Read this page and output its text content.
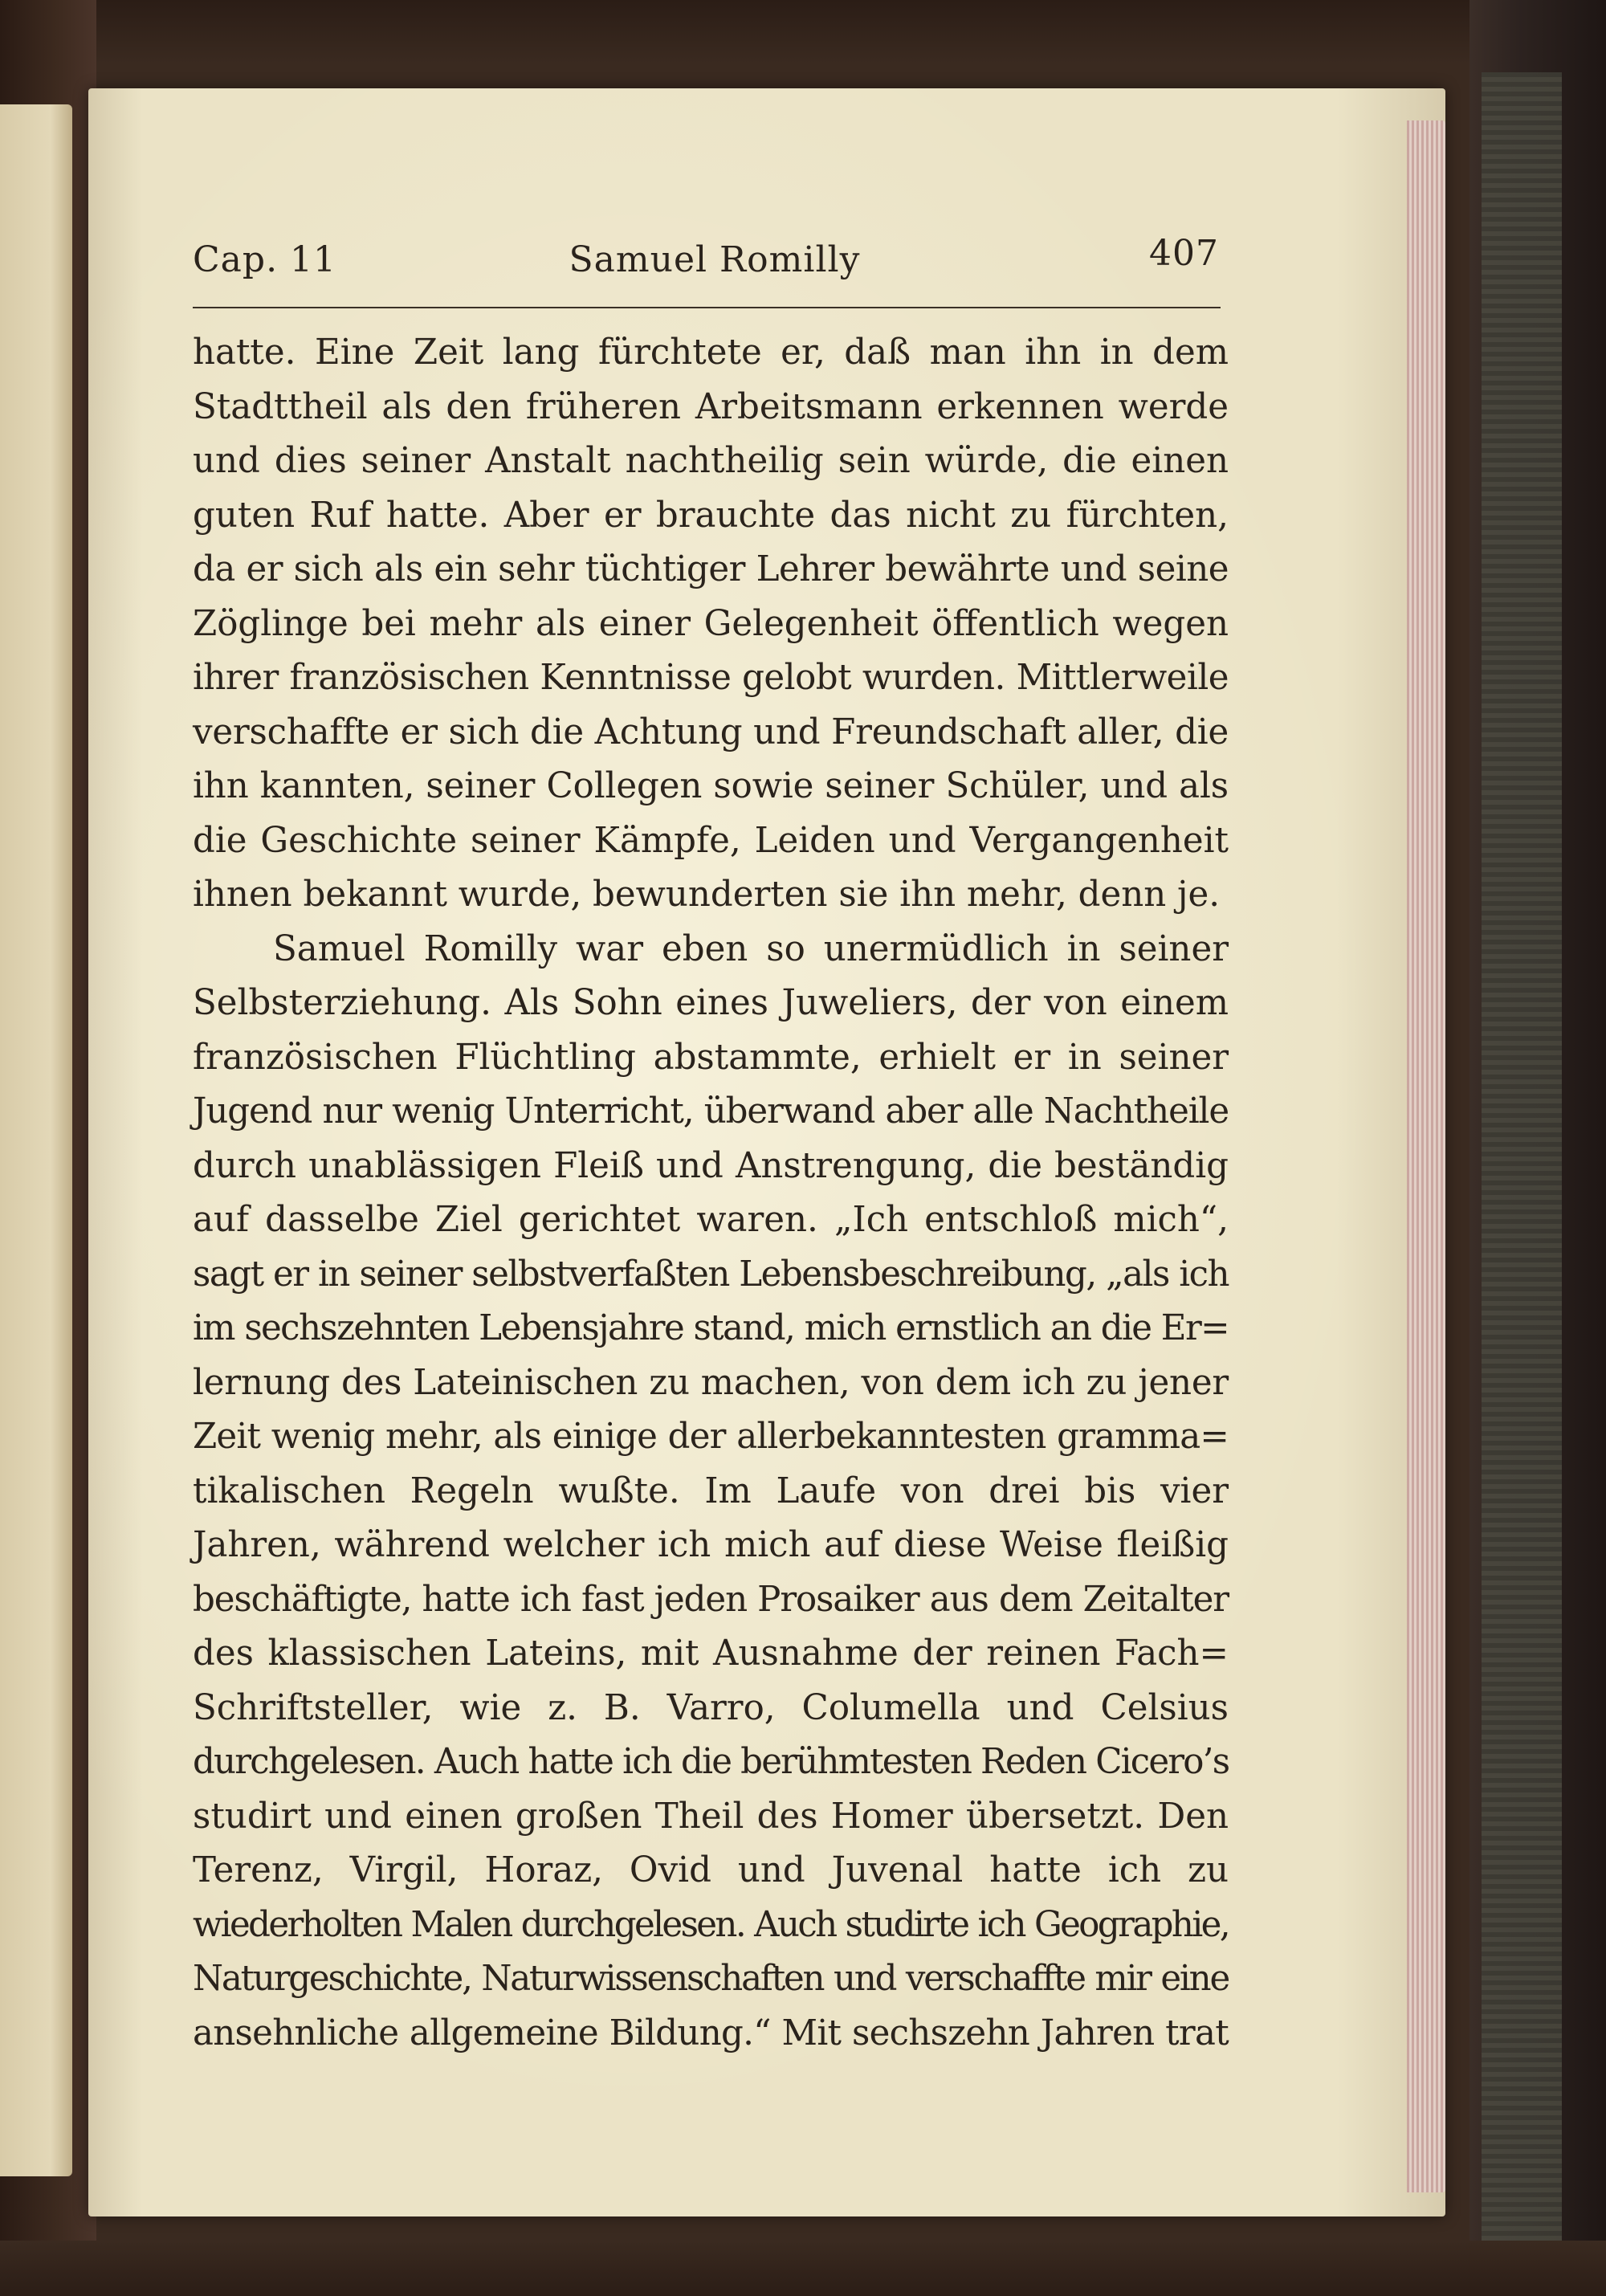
Cap. 11	Samuel Romilly	407
hatte. Eine Zeit lang fürchtete er, daß man ihn in dem
Stadttheil als den früheren Arbeitsmann erkennen werde
und dies seiner Anstalt nachtheilig sein würde, die einen
guten Ruf hatte. Aber er brauchte das nicht zu fürchten,
da er sich als ein sehr tüchtiger Lehrer bewährte und seine
Zöglinge bei mehr als einer Gelegenheit öffentlich wegen
ihrer französischen Kenntnisse gelobt wurden. Mittlerweile
verschaffte er sich die Achtung und Freundschaft aller, die
ihn kannten, seiner Collegen sowie seiner Schüler, und als
die Geschichte seiner Kämpfe, Leiden und Vergangenheit
ihnen bekannt wurde, bewunderten sie ihn mehr, denn je.
Samuel Romilly war eben so unermüdlich in seiner
Selbsterziehung. Als Sohn eines Juweliers, der von einem
französischen Flüchtling abstammte, erhielt er in seiner
Jugend nur wenig Unterricht, überwand aber alle Nachtheile
durch unablässigen Fleiß und Anstrengung, die beständig
auf dasselbe Ziel gerichtet waren. „Ich entschloß mich“,
sagt er in seiner selbstverfaßten Lebensbeschreibung, „als ich
im sechszehnten Lebensjahre stand, mich ernstlich an die Er=
lernung des Lateinischen zu machen, von dem ich zu jener
Zeit wenig mehr, als einige der allerbekanntesten gramma=
tikalischen Regeln wußte. Im Laufe von drei bis vier
Jahren, während welcher ich mich auf diese Weise fleißig
beschäftigte, hatte ich fast jeden Prosaiker aus dem Zeitalter
des klassischen Lateins, mit Ausnahme der reinen Fach=
Schriftsteller, wie z. B. Varro, Columella und Celsius
durchgelesen. Auch hatte ich die berühmtesten Reden Cicero’s
studirt und einen großen Theil des Homer übersetzt. Den
Terenz, Virgil, Horaz, Ovid und Juvenal hatte ich zu
wiederholten Malen durchgelesen. Auch studirte ich Geographie,
Naturgeschichte, Naturwissenschaften und verschaffte mir eine
ansehnliche allgemeine Bildung.“ Mit sechszehn Jahren trat
